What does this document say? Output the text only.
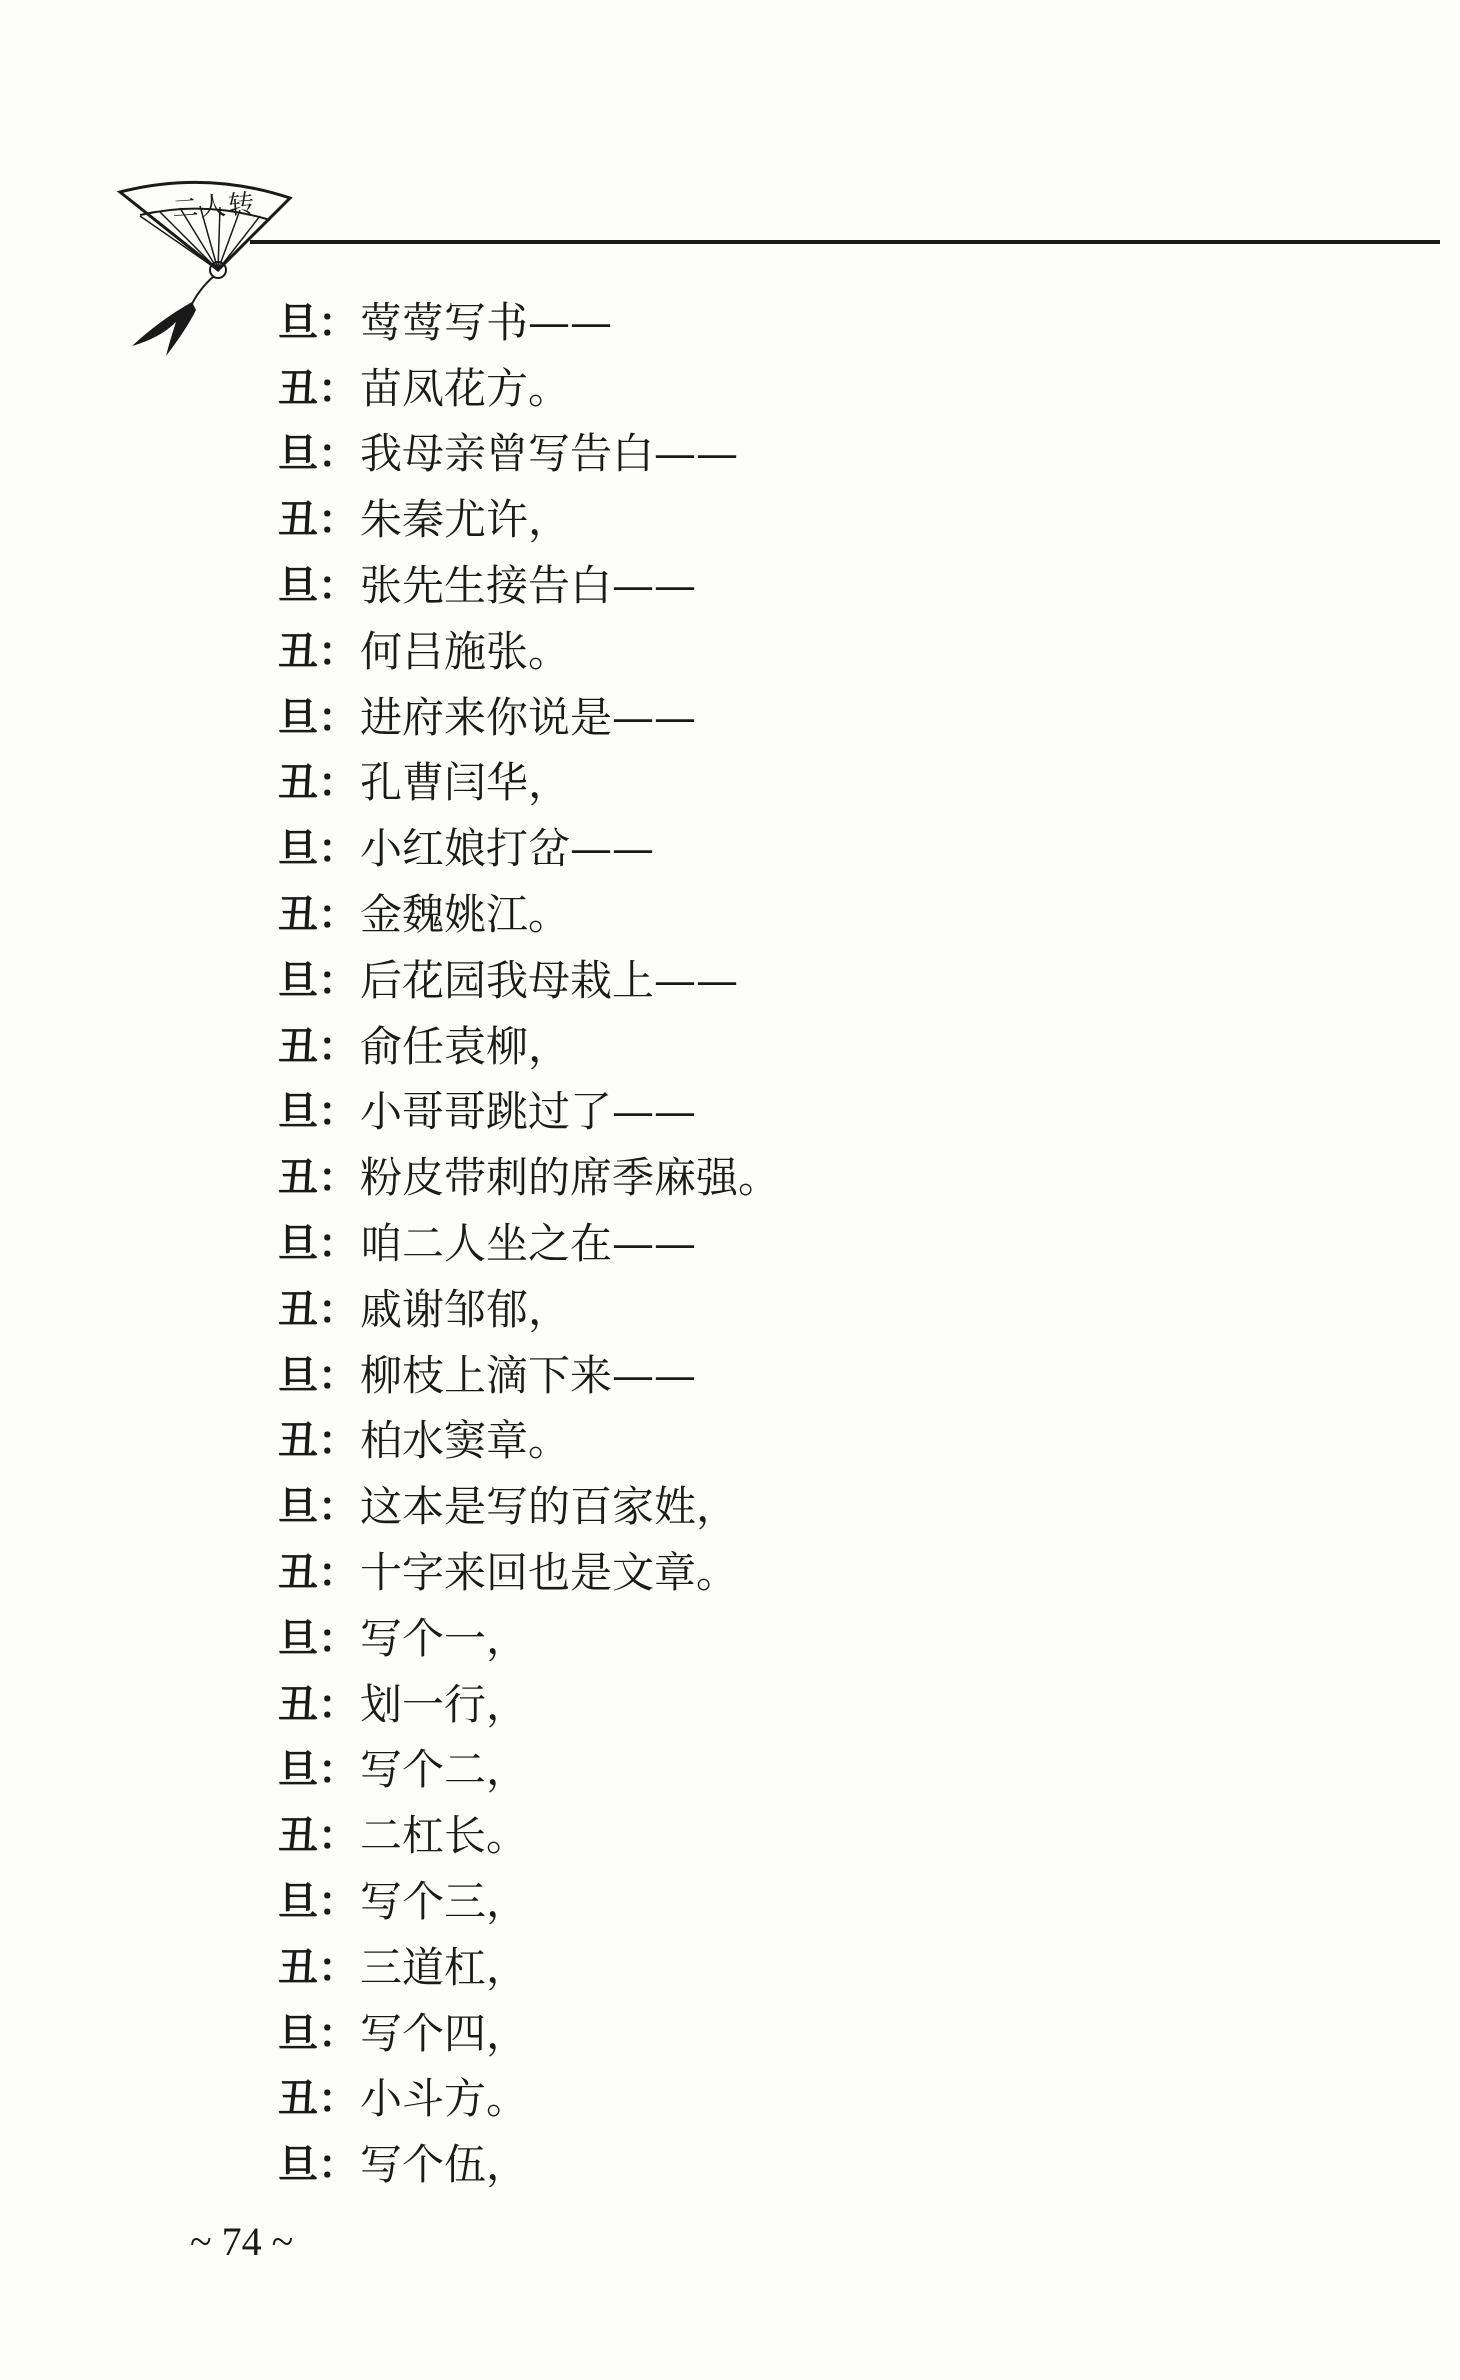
二人转
旦 ： 莺莺写书——
丑 ： 苗凤花方。
旦 ： 我母亲曾写告白——
丑 ： 朱秦尤许，
旦 ： 张先生接告白——
丑 ： 何吕施张。
旦 ： 进府来你说是——
丑 ： 孔曹闫华，
旦 ： 小红娘打岔——
丑 ： 金魏姚江。
旦 ： 后花园我母栽上——
丑 ： 俞任袁柳，
旦 ： 小哥哥跳过了——
丑 ： 粉皮带刺的席季麻强。
旦 ： 咱二人坐之在——
丑 ： 戚谢邹郁，
旦 ： 柳枝上滴下来——
丑 ： 柏水窦章。
旦 ： 这本是写的百家姓，
丑 ： 十字来回也是文章。
旦 ： 写个一，
丑 ： 划一行，
旦 ： 写个二，
丑 ： 二杠长。
旦 ： 写个三，
丑 ： 三道杠，
旦 ： 写个四，
丑 ： 小斗方。
旦 ： 写个伍，
~ 74 ~
